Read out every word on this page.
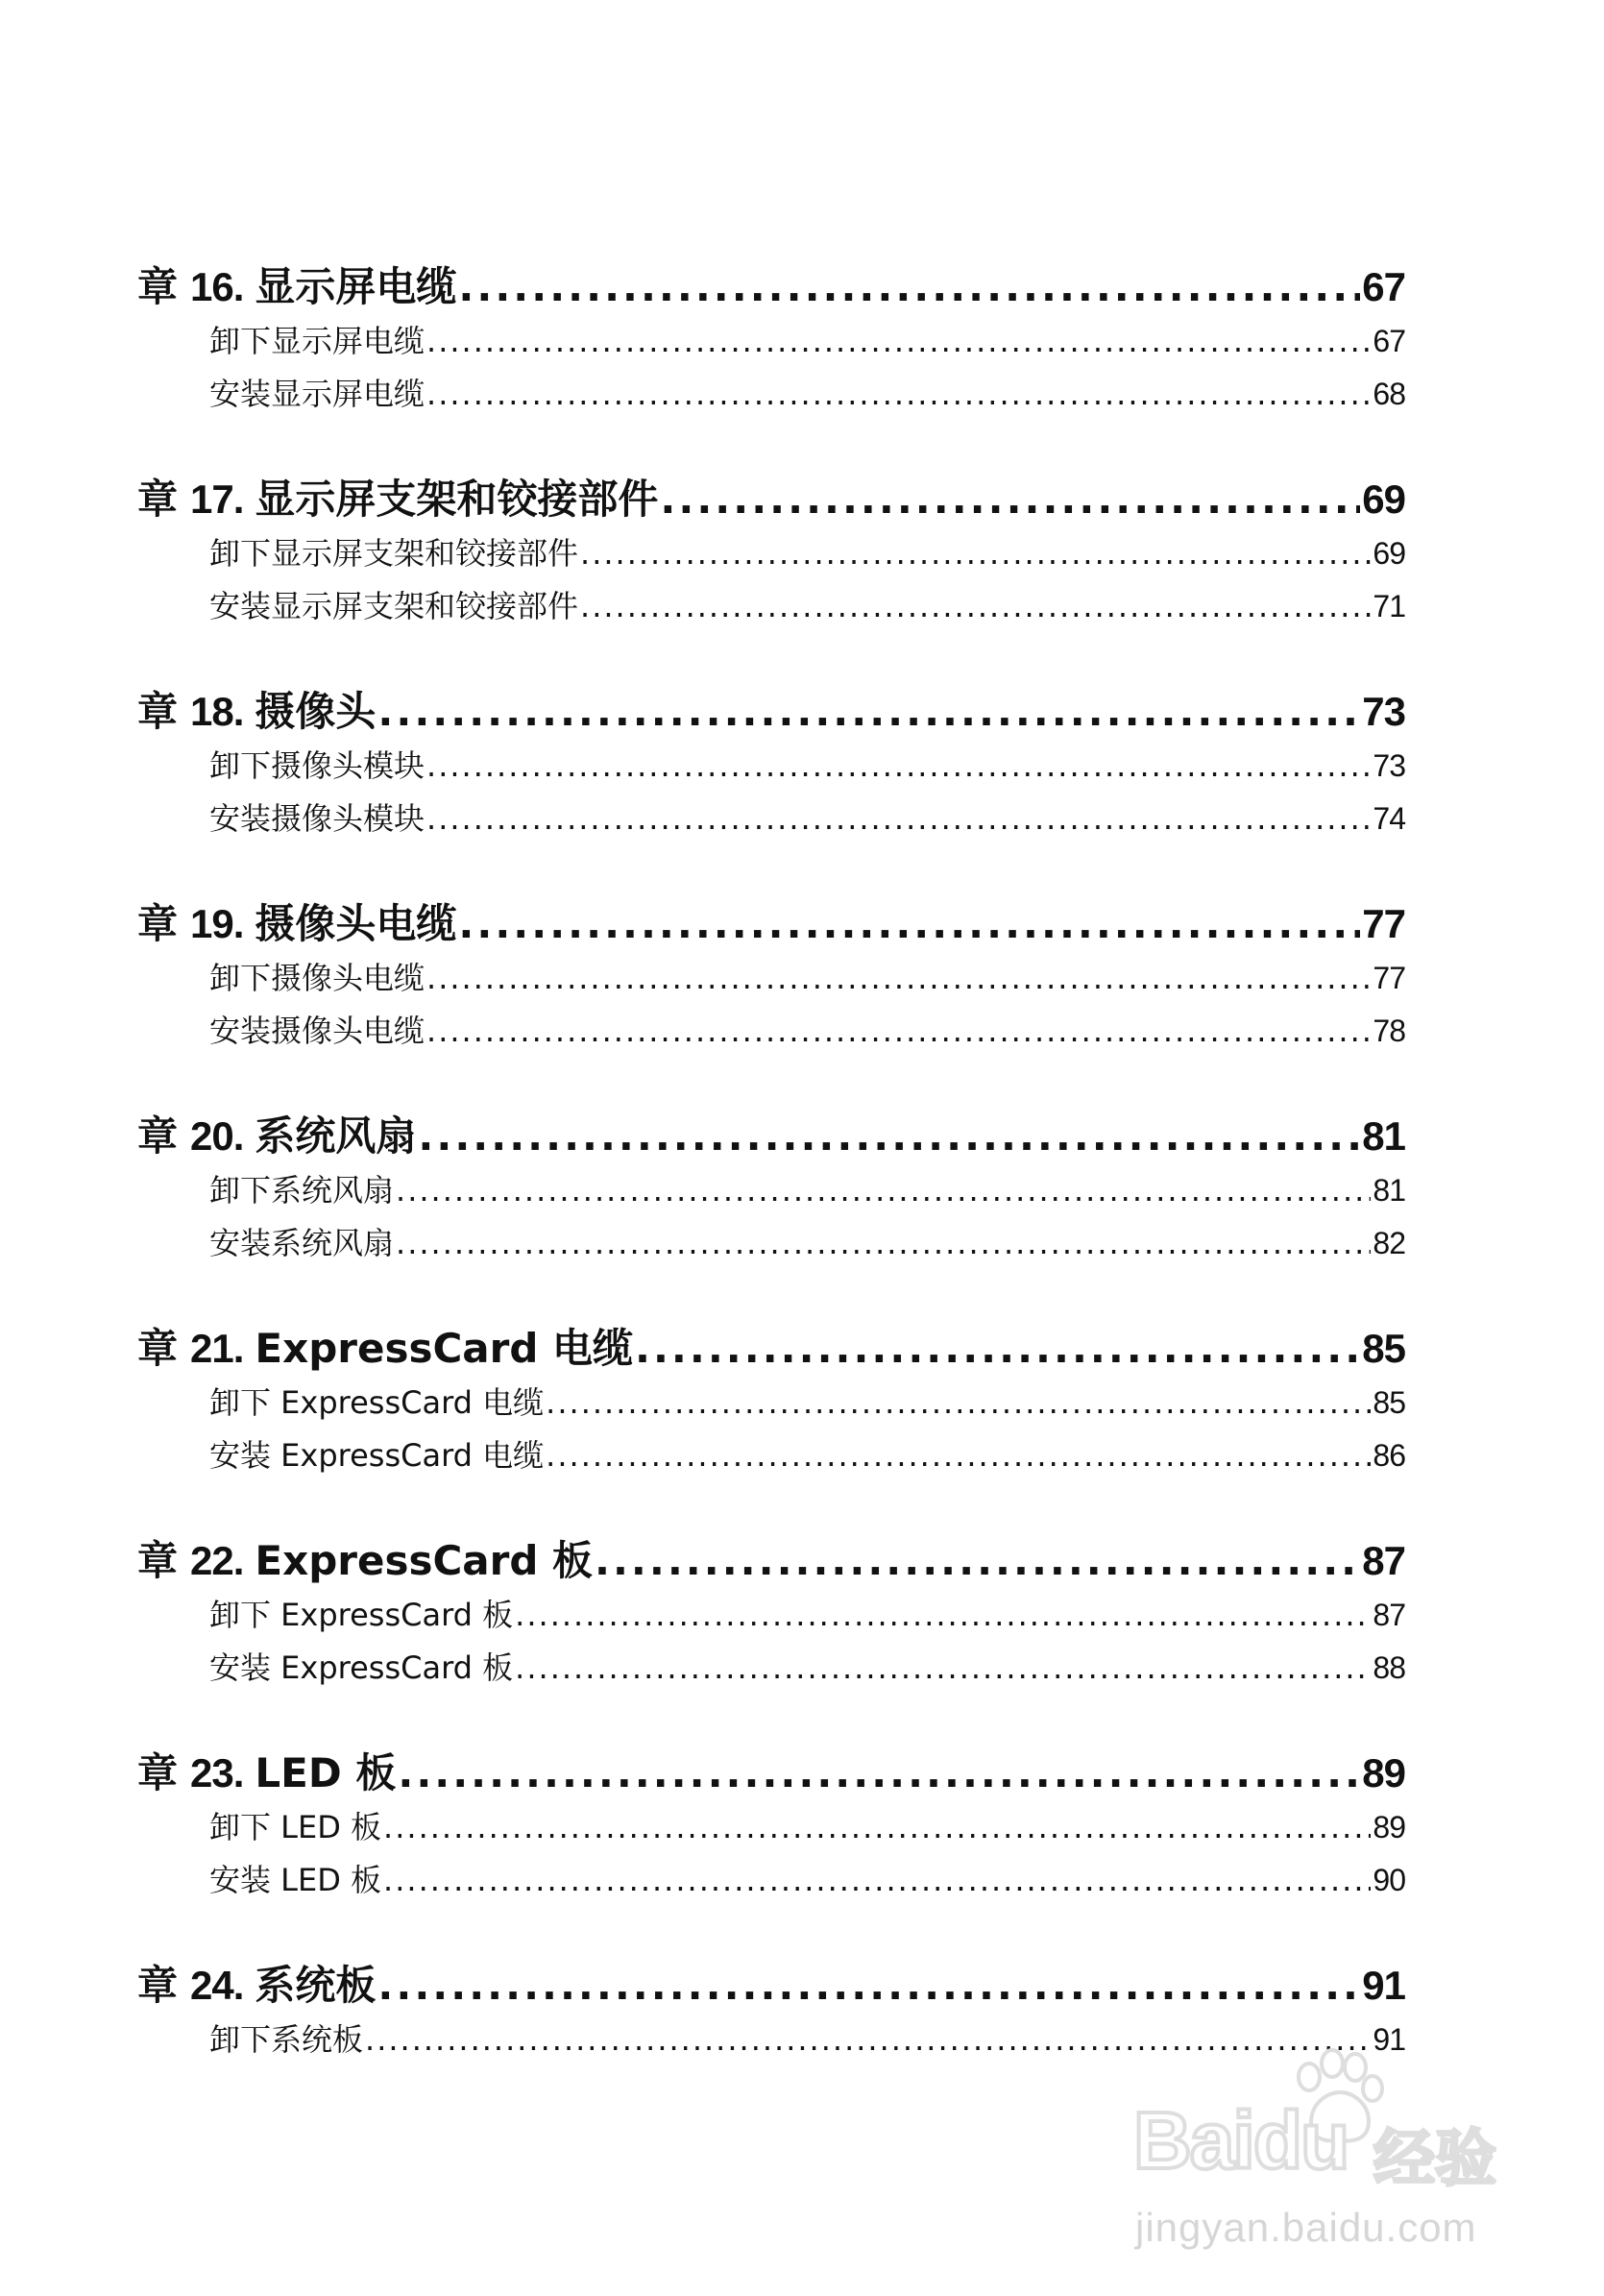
章 16. 显示屏电缆 .....	67
卸下显示屏电缆 .....	67
安装显示屏电缆 .....	68
章 17. 显示屏支架和铰接部件 .....	69
卸下显示屏支架和铰接部件 .....	69
安装显示屏支架和铰接部件 .....	71
章 18. 摄像头 .....	73
卸下摄像头模块 .....	73
安装摄像头模块 .....	74
章 19. 摄像头电缆 .....	77
卸下摄像头电缆 .....	77
安装摄像头电缆 .....	78
章 20. 系统风扇 .....	81
卸下系统风扇 .....	81
安装系统风扇 .....	82
章 21. ExpressCard 电缆 .....	85
卸下 ExpressCard 电缆 .....	85
安装 ExpressCard 电缆 .....	86
章 22. ExpressCard 板 .....	87
卸下 ExpressCard 板 .....	87
安装 ExpressCard 板 .....	88
章 23. LED 板 .....	89
卸下 LED 板 .....	89
安装 LED 板 .....	90
章 24. 系统板 .....	91
卸下系统板 .....	91
Baidu 经验
jingyan.baidu.com
